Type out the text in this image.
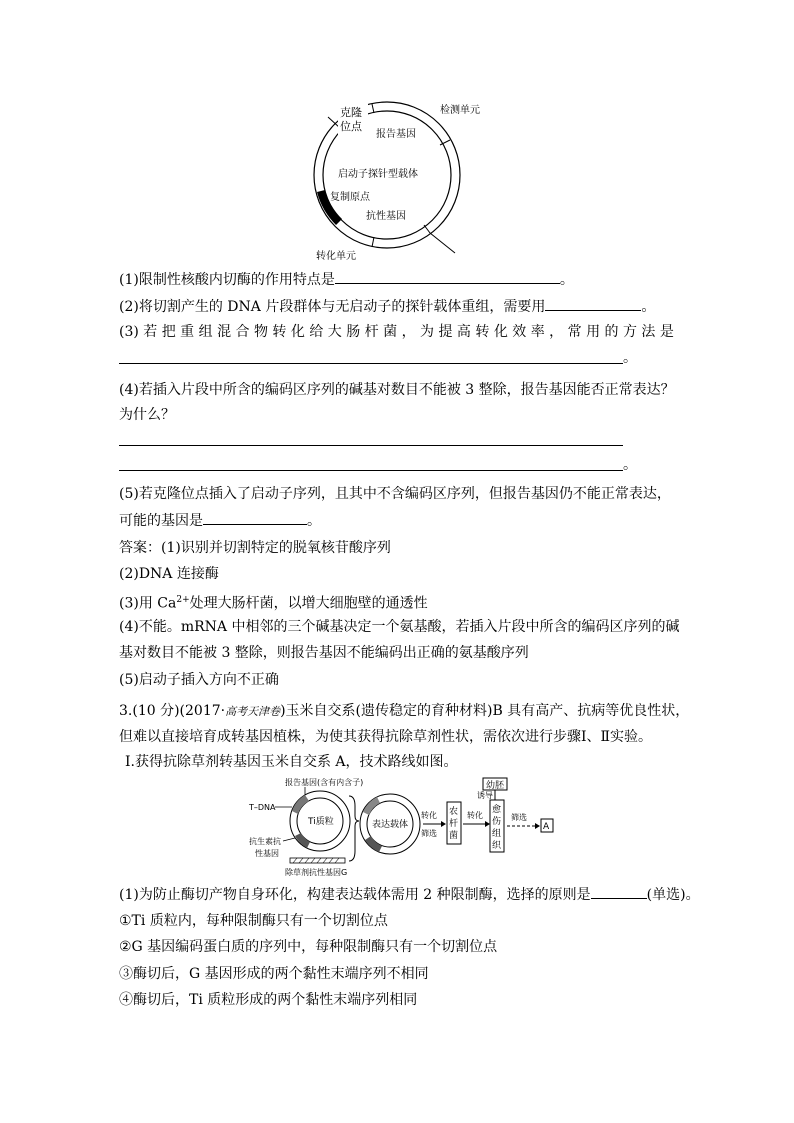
克隆
位点
报告基因
检测单元
启动子探针型载体
复制原点
抗性基因
转化单元
(1)限制性核酸内切酶的作用特点是	。
(2)将切割产生的 DNA 片段群体与无启动子的探针载体重组，需要用	。
(3) 若 把 重 组 混 合 物 转 化 给 大 肠 杆 菌 ， 为 提 高 转 化 效 率 ， 常 用 的 方 法 是
。
(4)若插入片段中所含的编码区序列的碱基对数目不能被 3 整除，报告基因能否正常表达？
为什么？
。
(5)若克隆位点插入了启动子序列，且其中不含编码区序列，但报告基因仍不能正常表达，
可能的基因是	。
答案：(1)识别并切割特定的脱氧核苷酸序列
(2)DNA 连接酶
(3)用 $Ca^{2+}$处理大肠杆菌，以增大细胞壁的通透性
(4)不能。mRNA 中相邻的三个碱基决定一个氨基酸，若插入片段中所含的编码区序列的碱
基对数目不能被 3 整除，则报告基因不能编码出正确的氨基酸序列
(5)启动子插入方向不正确
3.(10 分)(2017·高考天津卷)玉米自交系(遗传稳定的育种材料)B 具有高产、抗病等优良性状，
但难以直接培育成转基因植株，为使其获得抗除草剂性状，需依次进行步骤Ⅰ、Ⅱ实验。
Ⅰ.获得抗除草剂转基因玉米自交系 A，技术路线如图。
Ti质粒
报告基因(含有内含子)
T–DNA
抗生素抗
性基因
除草剂抗性基因G
表达载体
转化
筛选
农
杆
菌
转化
幼胚
诱导
愈
伤
组
织
筛选
A
(1)为防止酶切产物自身环化，构建表达载体需用 2 种限制酶，选择的原则是	(单选)。
①Ti 质粒内，每种限制酶只有一个切割位点
②G 基因编码蛋白质的序列中，每种限制酶只有一个切割位点
③酶切后，G 基因形成的两个黏性末端序列不相同
④酶切后，Ti 质粒形成的两个黏性末端序列相同
